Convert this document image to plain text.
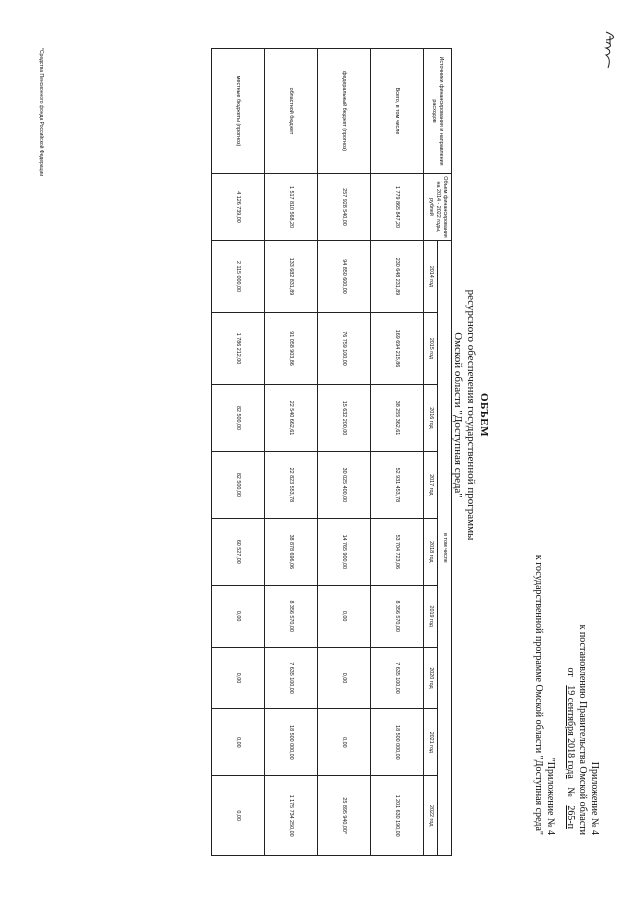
Приложение № 4
к постановлению Правительства Омской области
от 19 сентября 2018 года № 265-п
"Приложение № 4
к государственной программе Омской области "Доступная среда"
ОБЪЕМ
ресурсного обеспечения государственной программы
Омской области "Доступная среда"
Источники финансирования и направления расходов	Объем финансирования на 2014 - 2022 годы, рублей	в том числе								
		2014 год	2015 год	2016 год	2017 год	2018 год	2019 год	2020 год	2021 год	2022 год
Всего, в том числе	1 779 865 847,20	230 648 231,89	169 694 215,86	38 255 362,61	52 931 453,78	53 704 723,06	8 356 570,00	7 635 100,00	18 500 000,00	1 201 630 190,00
федеральный бюджет (прогноз)	257 928 540,00	94 850 600,00	76 759 100,00	15 632 200,00	30 025 400,00	14 765 900,00	0,00	0,00	0,00	25 895 940,00*
областной бюджет	1 517 810 568,20	133 682 831,89	91 058 903,86	22 540 662,61	22 823 553,78	38 878 696,06	8 356 570,00	7 635 100,00	18 500 000,00	1 175 734 250,00
местные бюджеты (прогноз)	4 126 739,00	2 115 000,00	1 786 212,00	82 500,00	82 500,00	60 527,00	0,00	0,00	0,00	0,00
*Средства Пенсионного фонда Российской Федерации
